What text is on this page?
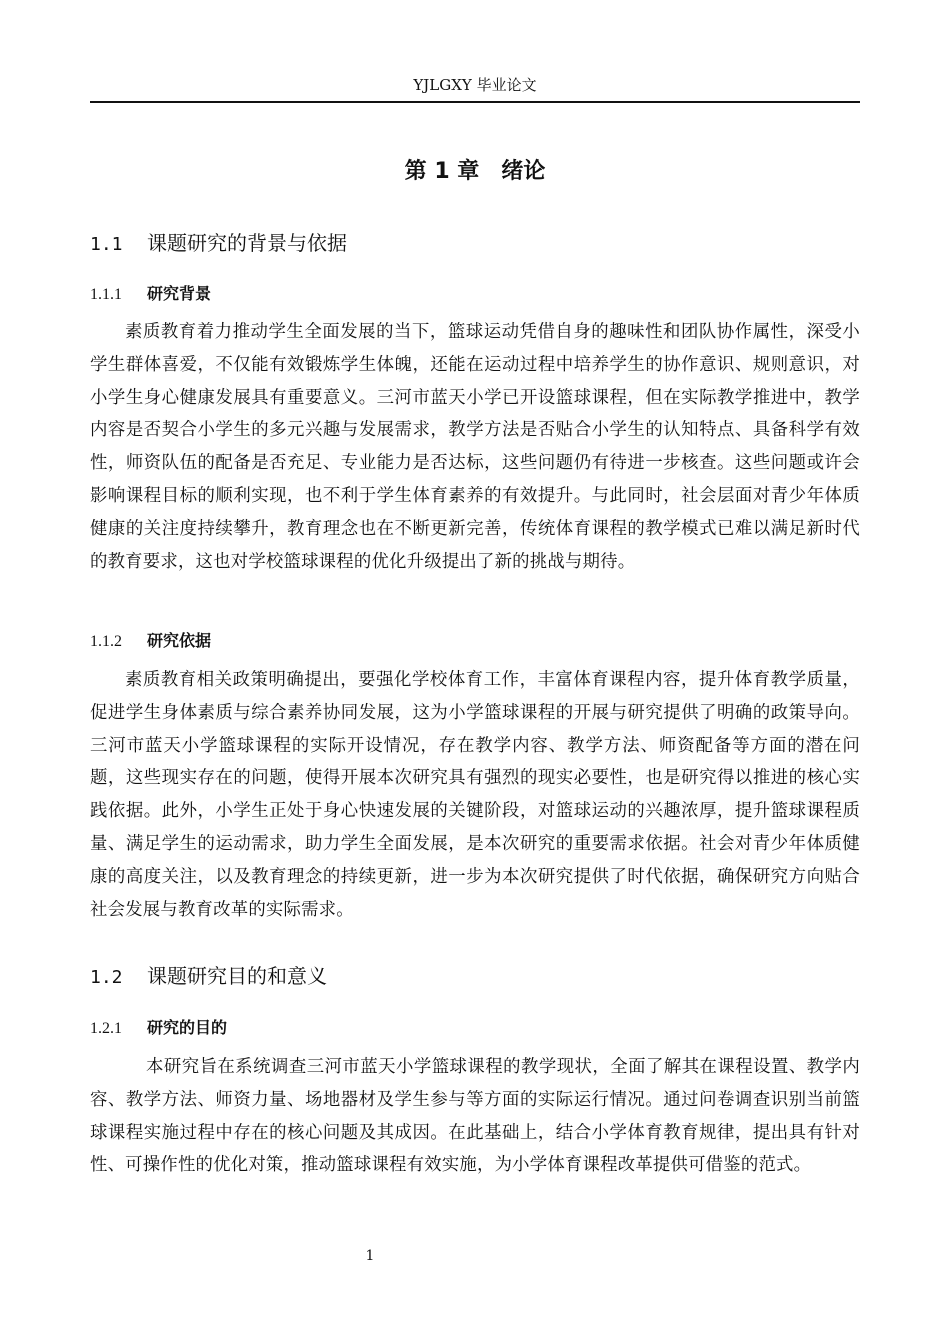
YJLGXY 毕业论文
第 1 章 绪论
1.1 课题研究的背景与依据
1.1.1 研究背景
素质教育着力推动学生全面发展的当下，篮球运动凭借自身的趣味性和团队协作属性，深受小学生群体喜爱，不仅能有效锻炼学生体魄，还能在运动过程中培养学生的协作意识、规则意识，对小学生身心健康发展具有重要意义。三河市蓝天小学已开设篮球课程，但在实际教学推进中，教学内容是否契合小学生的多元兴趣与发展需求，教学方法是否贴合小学生的认知特点、具备科学有效性，师资队伍的配备是否充足、专业能力是否达标，这些问题仍有待进一步核查。这些问题或许会影响课程目标的顺利实现，也不利于学生体育素养的有效提升。与此同时，社会层面对青少年体质健康的关注度持续攀升，教育理念也在不断更新完善，传统体育课程的教学模式已难以满足新时代的教育要求，这也对学校篮球课程的优化升级提出了新的挑战与期待。
1.1.2 研究依据
素质教育相关政策明确提出，要强化学校体育工作，丰富体育课程内容，提升体育教学质量，促进学生身体素质与综合素养协同发展，这为小学篮球课程的开展与研究提供了明确的政策导向。三河市蓝天小学篮球课程的实际开设情况，存在教学内容、教学方法、师资配备等方面的潜在问题，这些现实存在的问题，使得开展本次研究具有强烈的现实必要性，也是研究得以推进的核心实践依据。此外，小学生正处于身心快速发展的关键阶段，对篮球运动的兴趣浓厚，提升篮球课程质量、满足学生的运动需求，助力学生全面发展，是本次研究的重要需求依据。社会对青少年体质健康的高度关注，以及教育理念的持续更新，进一步为本次研究提供了时代依据，确保研究方向贴合社会发展与教育改革的实际需求。
1.2 课题研究目的和意义
1.2.1 研究的目的
本研究旨在系统调查三河市蓝天小学篮球课程的教学现状，全面了解其在课程设置、教学内容、教学方法、师资力量、场地器材及学生参与等方面的实际运行情况。通过问卷调查识别当前篮球课程实施过程中存在的核心问题及其成因。在此基础上，结合小学体育教育规律，提出具有针对性、可操作性的优化对策，推动篮球课程有效实施，为小学体育课程改革提供可借鉴的范式。
1
